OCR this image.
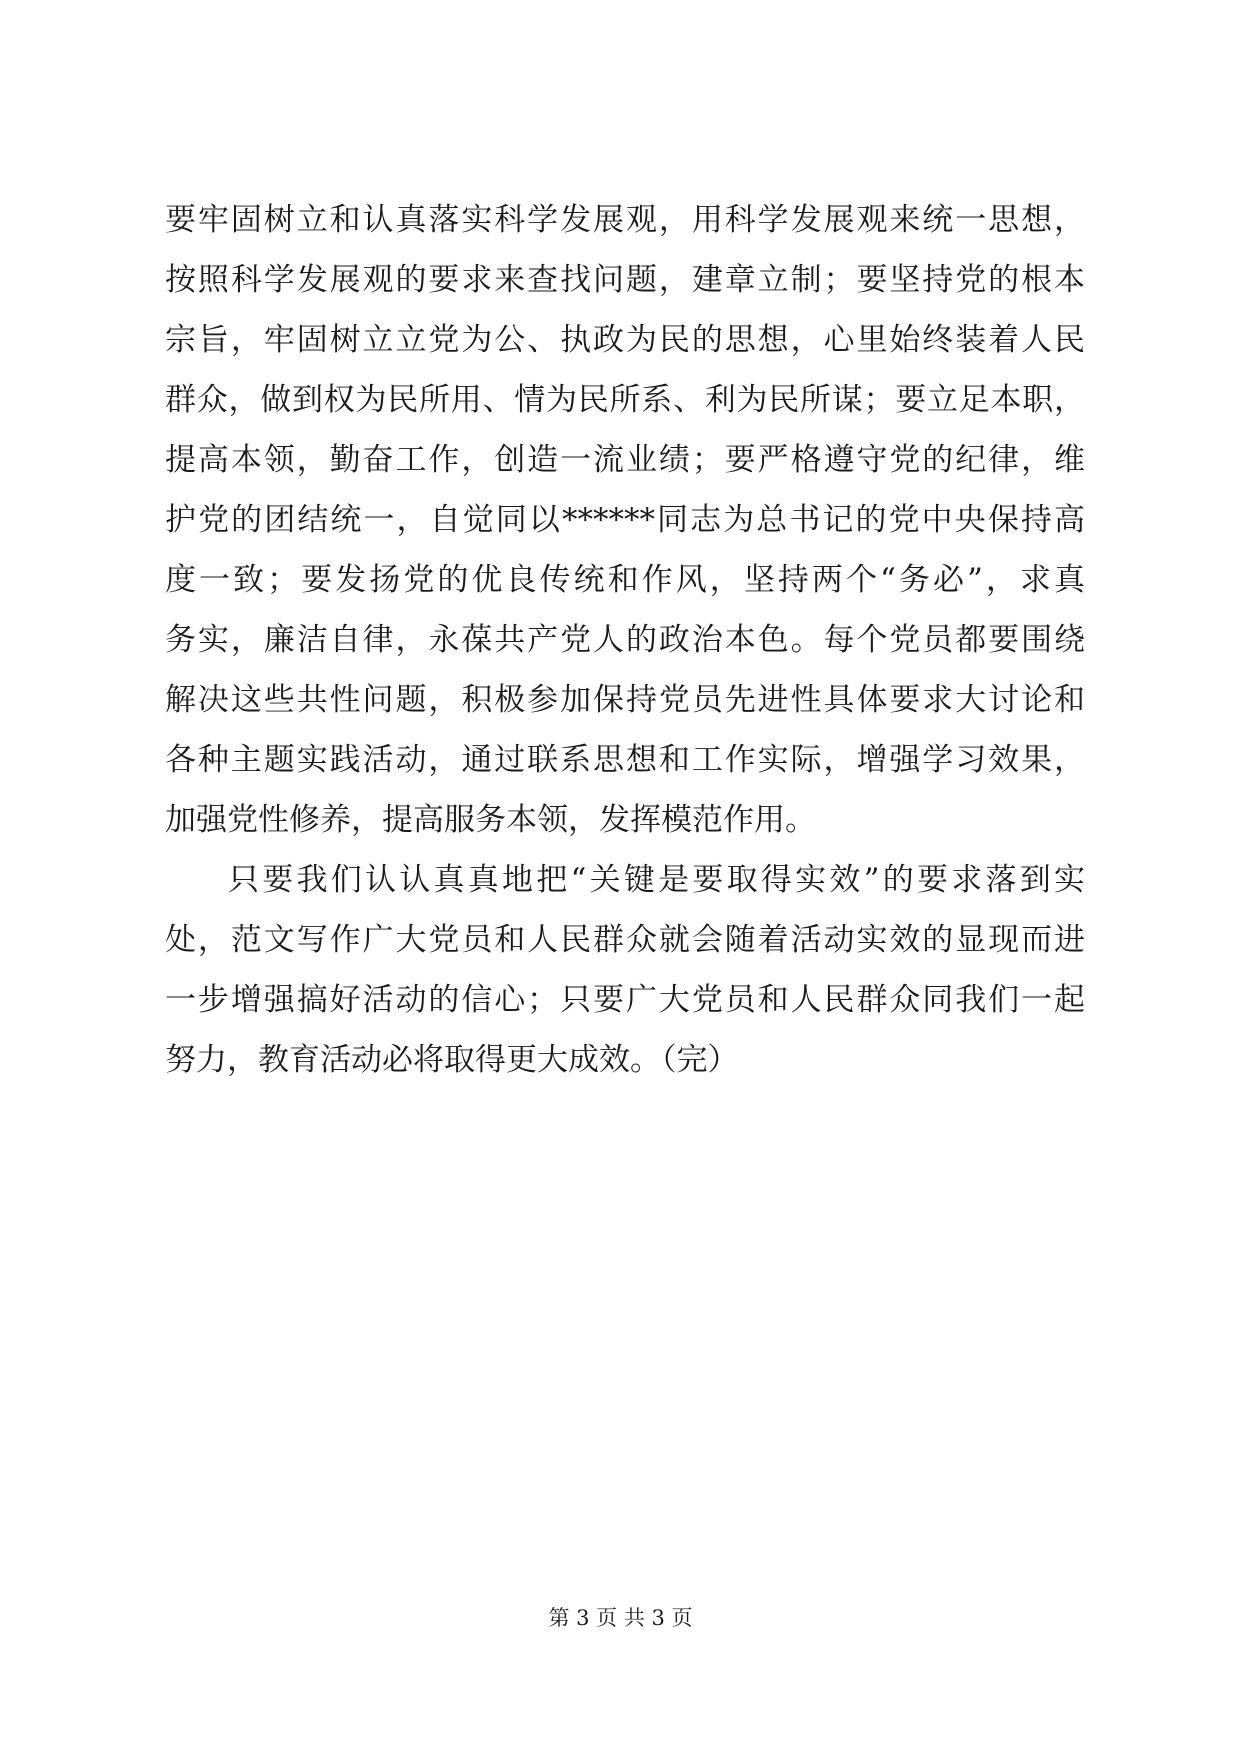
要牢固树立和认真落实科学发展观，用科学发展观来统一思想，
按照科学发展观的要求来查找问题，建章立制；要坚持党的根本
宗旨，牢固树立立党为公、执政为民的思想，心里始终装着人民
群众，做到权为民所用、情为民所系、利为民所谋；要立足本职，
提高本领，勤奋工作，创造一流业绩；要严格遵守党的纪律，维
护党的团结统一，自觉同以******同志为总书记的党中央保持高
度一致；要发扬党的优良传统和作风，坚持两个“务必”，求真
务实，廉洁自律，永葆共产党人的政治本色。每个党员都要围绕
解决这些共性问题，积极参加保持党员先进性具体要求大讨论和
各种主题实践活动，通过联系思想和工作实际，增强学习效果，
加强党性修养，提高服务本领，发挥模范作用。
只要我们认认真真地把“关键是要取得实效”的要求落到实
处，范文写作广大党员和人民群众就会随着活动实效的显现而进
一步增强搞好活动的信心；只要广大党员和人民群众同我们一起
努力，教育活动必将取得更大成效。（完）
第 3 页 共 3 页
